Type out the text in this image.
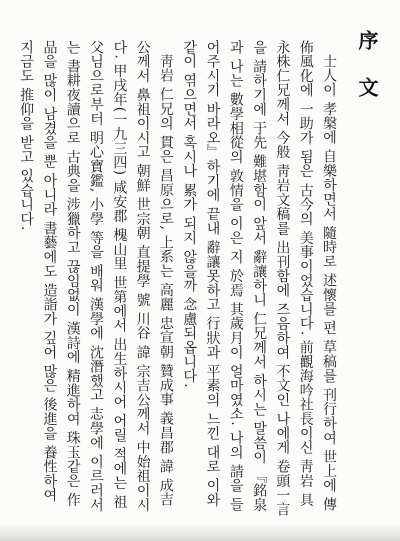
序 文

士人이 孝槃에 自樂하면서 隨時로 述懷를 편 草稿를 刊行하여 世上에 傳佈風化에 一助가 됨은 古今의 美事이었습니다. 前觀海吟社長이신 靑岩 具永株仁兄께서 今般 靑岩文稿를 出刊함에 즈음하여 不文인 나에게 卷頭一言을 請하기에 于先 難堪함이 앞서 辭讓하니 仁兄께서 하시는 말씀이 『銘泉과 나는 數學相從의 敦情을 이은 지 於焉 其歲月이 얼마였소. 나의 請을 들어주시기 바라오』하기에 끝내 辭讓못하고 行狀과 平素의 느낀 대로 이와 같이 엮으면서 혹시나 累가 되지 않을까 念慮되옵니다.

靑岩 仁兄의 貫은 昌原으로, 上系는 高麗 忠宣朝 贊成事 義昌郡 諱 成吉公께서 鼻祖이시고 朝鮮 世宗朝 直提學 號 川谷 諱 宗吉公께서 中始祖이시다. 甲戌年(一九三四) 咸安郡 槐山里 世第에서 出生하시어 어릴 적에는 祖父님으로부터 明心寶鑑, 小學 等을 배워 漢學에 沈潛했고 志學에 이르러서는 書耕夜讀으로 古典을 涉獵하고 끊임없이 漢詩에 精進하여 珠玉같은 作品을 많이 남겼을 뿐 아니라 書藝에도 造詣가 깊어 많은 後進을 養性하여 지금도 推仰을 받고 있습니다.
